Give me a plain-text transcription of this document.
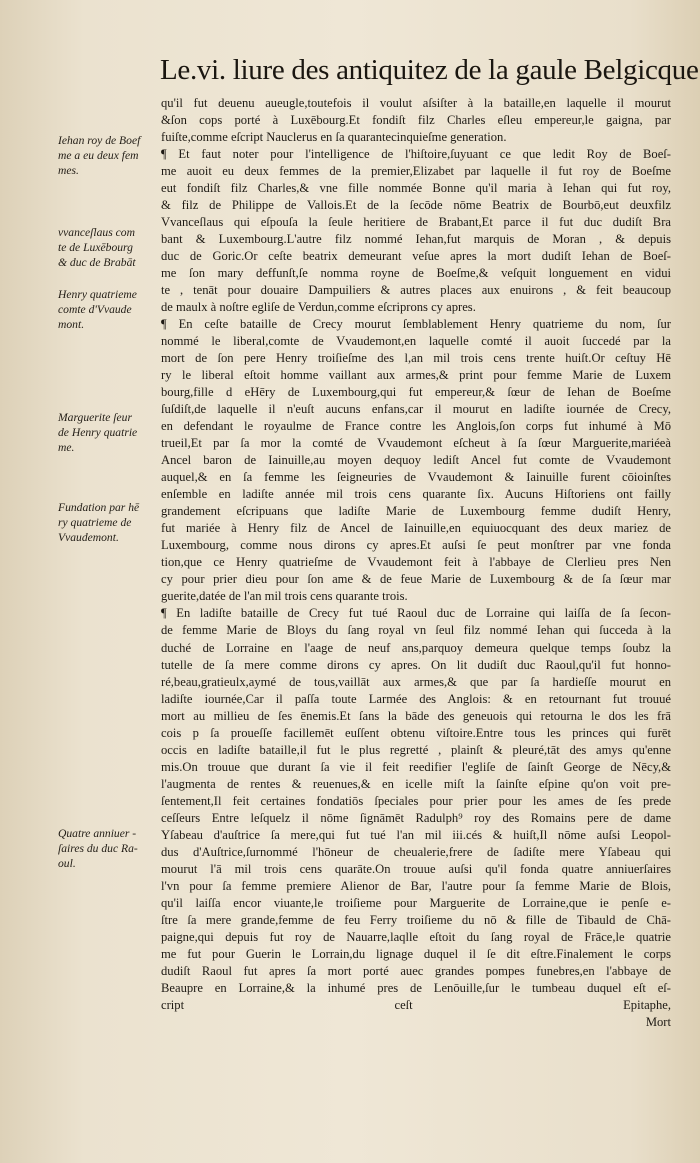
Le.vi. liure des antiquitez de la gaule Belgicque
Iehan roy de Boef
me a eu deux fem
mes.
vvanceſlaus com
te de Luxēbourg
& duc de Brabāt
Henry quatrieme
comte d'Vvaude
mont.
Marguerite ſeur
de Henry quatrie
me.
Fundation par hē
ry quatrieme de
Vvaudemont.
Quatre anniuer -
ſaires du duc Ra-
oul.
qu'il fut deuenu aueugle,toutefois il voulut aſsiſter à la bataille,en laquelle il mourut
&ſon cops porté à Luxēbourg.Et fondiſt filz Charles eſleu empereur,le gaigna, par
fuiſte,comme eſcript Nauclerus en ſa quarantecinquieſme generation.
¶ Et faut noter pour l'intelligence de l'hiſtoire,ſuyuant ce que ledit Roy de Boeſ-
me auoit eu deux femmes de la premier,Elizabet par laquelle il fut roy de Boeſme
eut fondiſt filz Charles,& vne fille nommée Bonne qu'il maria à Iehan qui fut roy,
& filz de Philippe de Vallois.Et de la ſecōde nōme Beatrix de Bourbō,eut deuxfilz
Vvanceſlaus qui eſpouſa la ſeule heritiere de Brabant,Et parce il fut duc dudiſt Bra
bant & Luxembourg.L'autre filz nommé Iehan,fut marquis de Moran , & depuis
duc de Goric.Or ceſte beatrix demeurant veſue apres la mort dudiſt Iehan de Boeſ-
me ſon mary deffunſt,ſe nomma royne de Boeſme,& veſquit longuement en vidui
te , tenāt pour douaire Dampuiliers & autres places aux enuirons , & feit beaucoup
de maulx à noſtre egliſe de Verdun,comme eſcriprons cy apres.
¶ En ceſte bataille de Crecy mourut ſemblablement Henry quatrieme du nom, ſur
nommé le liberal,comte de Vvaudemont,en laquelle comté il auoit ſuccedé par la
mort de ſon pere Henry troiſieſme des l,an mil trois cens trente huiſt.Or ceſtuy Hē
ry le liberal eſtoit homme vaillant aux armes,& print pour femme Marie de Luxem
bourg,fille d eHēry de Luxembourg,qui fut empereur,& ſœur de Iehan de Boeſme
ſuſdiſt,de laquelle il n'euſt aucuns enfans,car il mourut en ladiſte iournée de Crecy,
en defendant le royaulme de France contre les Anglois,ſon corps fut inhumé à Mō
trueil,Et par ſa mor la comté de Vvaudemont eſcheut à ſa ſœur Marguerite,mariéeà
Ancel baron de Iainuille,au moyen dequoy lediſt Ancel fut comte de Vvaudemont
auquel,& en ſa femme les ſeigneuries de Vvaudemont & Iainuille furent cōioinſtes
enſemble en ladiſte année mil trois cens quarante ſix. Aucuns Hiſtoriens ont failly
grandement eſcripuans que ladiſte Marie de Luxembourg femme dudiſt Henry,
fut mariée à Henry filz de Ancel de Iainuille,en equiuocquant des deux mariez de
Luxembourg, comme nous dirons cy apres.Et auſsi ſe peut monſtrer par vne fonda
tion,que ce Henry quatrieſme de Vvaudemont feit à l'abbaye de Clerlieu pres Nen
cy pour prier dieu pour ſon ame & de feue Marie de Luxembourg & de ſa ſœur mar
guerite,datée de l'an mil trois cens quarante trois.
¶ En ladiſte bataille de Crecy fut tué Raoul duc de Lorraine qui laiſſa de ſa ſecon-
de femme Marie de Bloys du ſang royal vn ſeul filz nommé Iehan qui ſucceda à la
duché de Lorraine en l'aage de neuf ans,parquoy demeura quelque temps ſoubz la
tutelle de ſa mere comme dirons cy apres. On lit dudiſt duc Raoul,qu'il fut honno-
ré,beau,gratieulx,aymé de tous,vaillāt aux armes,& que par ſa hardieſſe mourut en
ladiſte iournée,Car il paſſa toute Larmée des Anglois: & en retournant fut trouué
mort au millieu de ſes ēnemis.Et ſans la bāde des geneuois qui retourna le dos les frā
cois p ſa proueſſe facillemēt euſſent obtenu viſtoire.Entre tous les princes qui furēt
occis en ladiſte bataille,il fut le plus regretté , plainſt & pleuré,tāt des amys qu'enne
mis.On trouue que durant ſa vie il feit reedifier l'egliſe de ſainſt George de Nēcy,&
l'augmenta de rentes & reuenues,& en icelle miſt la ſainſte eſpine qu'on voit pre-
ſentement,Il feit certaines fondatiōs ſpeciales pour prier pour les ames de ſes prede
ceſſeurs Entre leſquelz il nōme ſignāmēt Radulph⁹ roy des Romains pere de dame
Yſabeau d'auſtrice ſa mere,qui fut tué l'an mil iii.cés & huiſt,Il nōme auſsi Leopol-
dus d'Auſtrice,ſurnommé l'hōneur de cheualerie,frere de ſadiſte mere Yſabeau qui
mourut l'ā mil trois cens quarāte.On trouue auſsi qu'il fonda quatre anniuerſaires
l'vn pour ſa femme premiere Alienor de Bar, l'autre pour ſa femme Marie de Blois,
qu'il laiſſa encor viuante,le troiſieme pour Marguerite de Lorraine,que ie penſe e-
ſtre ſa mere grande,femme de feu Ferry troiſieme du nō & fille de Tibauld de Chā-
paigne,qui depuis fut roy de Nauarre,laqlle eſtoit du ſang royal de Frāce,le quatrie
me fut pour Guerin le Lorrain,du lignage duquel il ſe dit eſtre.Finalement le corps
dudiſt Raoul fut apres ſa mort porté auec grandes pompes funebres,en l'abbaye de
Beaupre en Lorraine,& la inhumé pres de Lenōuille,ſur le tumbeau duquel eſt eſ-
cript ceſt Epitaphe,
Mort
